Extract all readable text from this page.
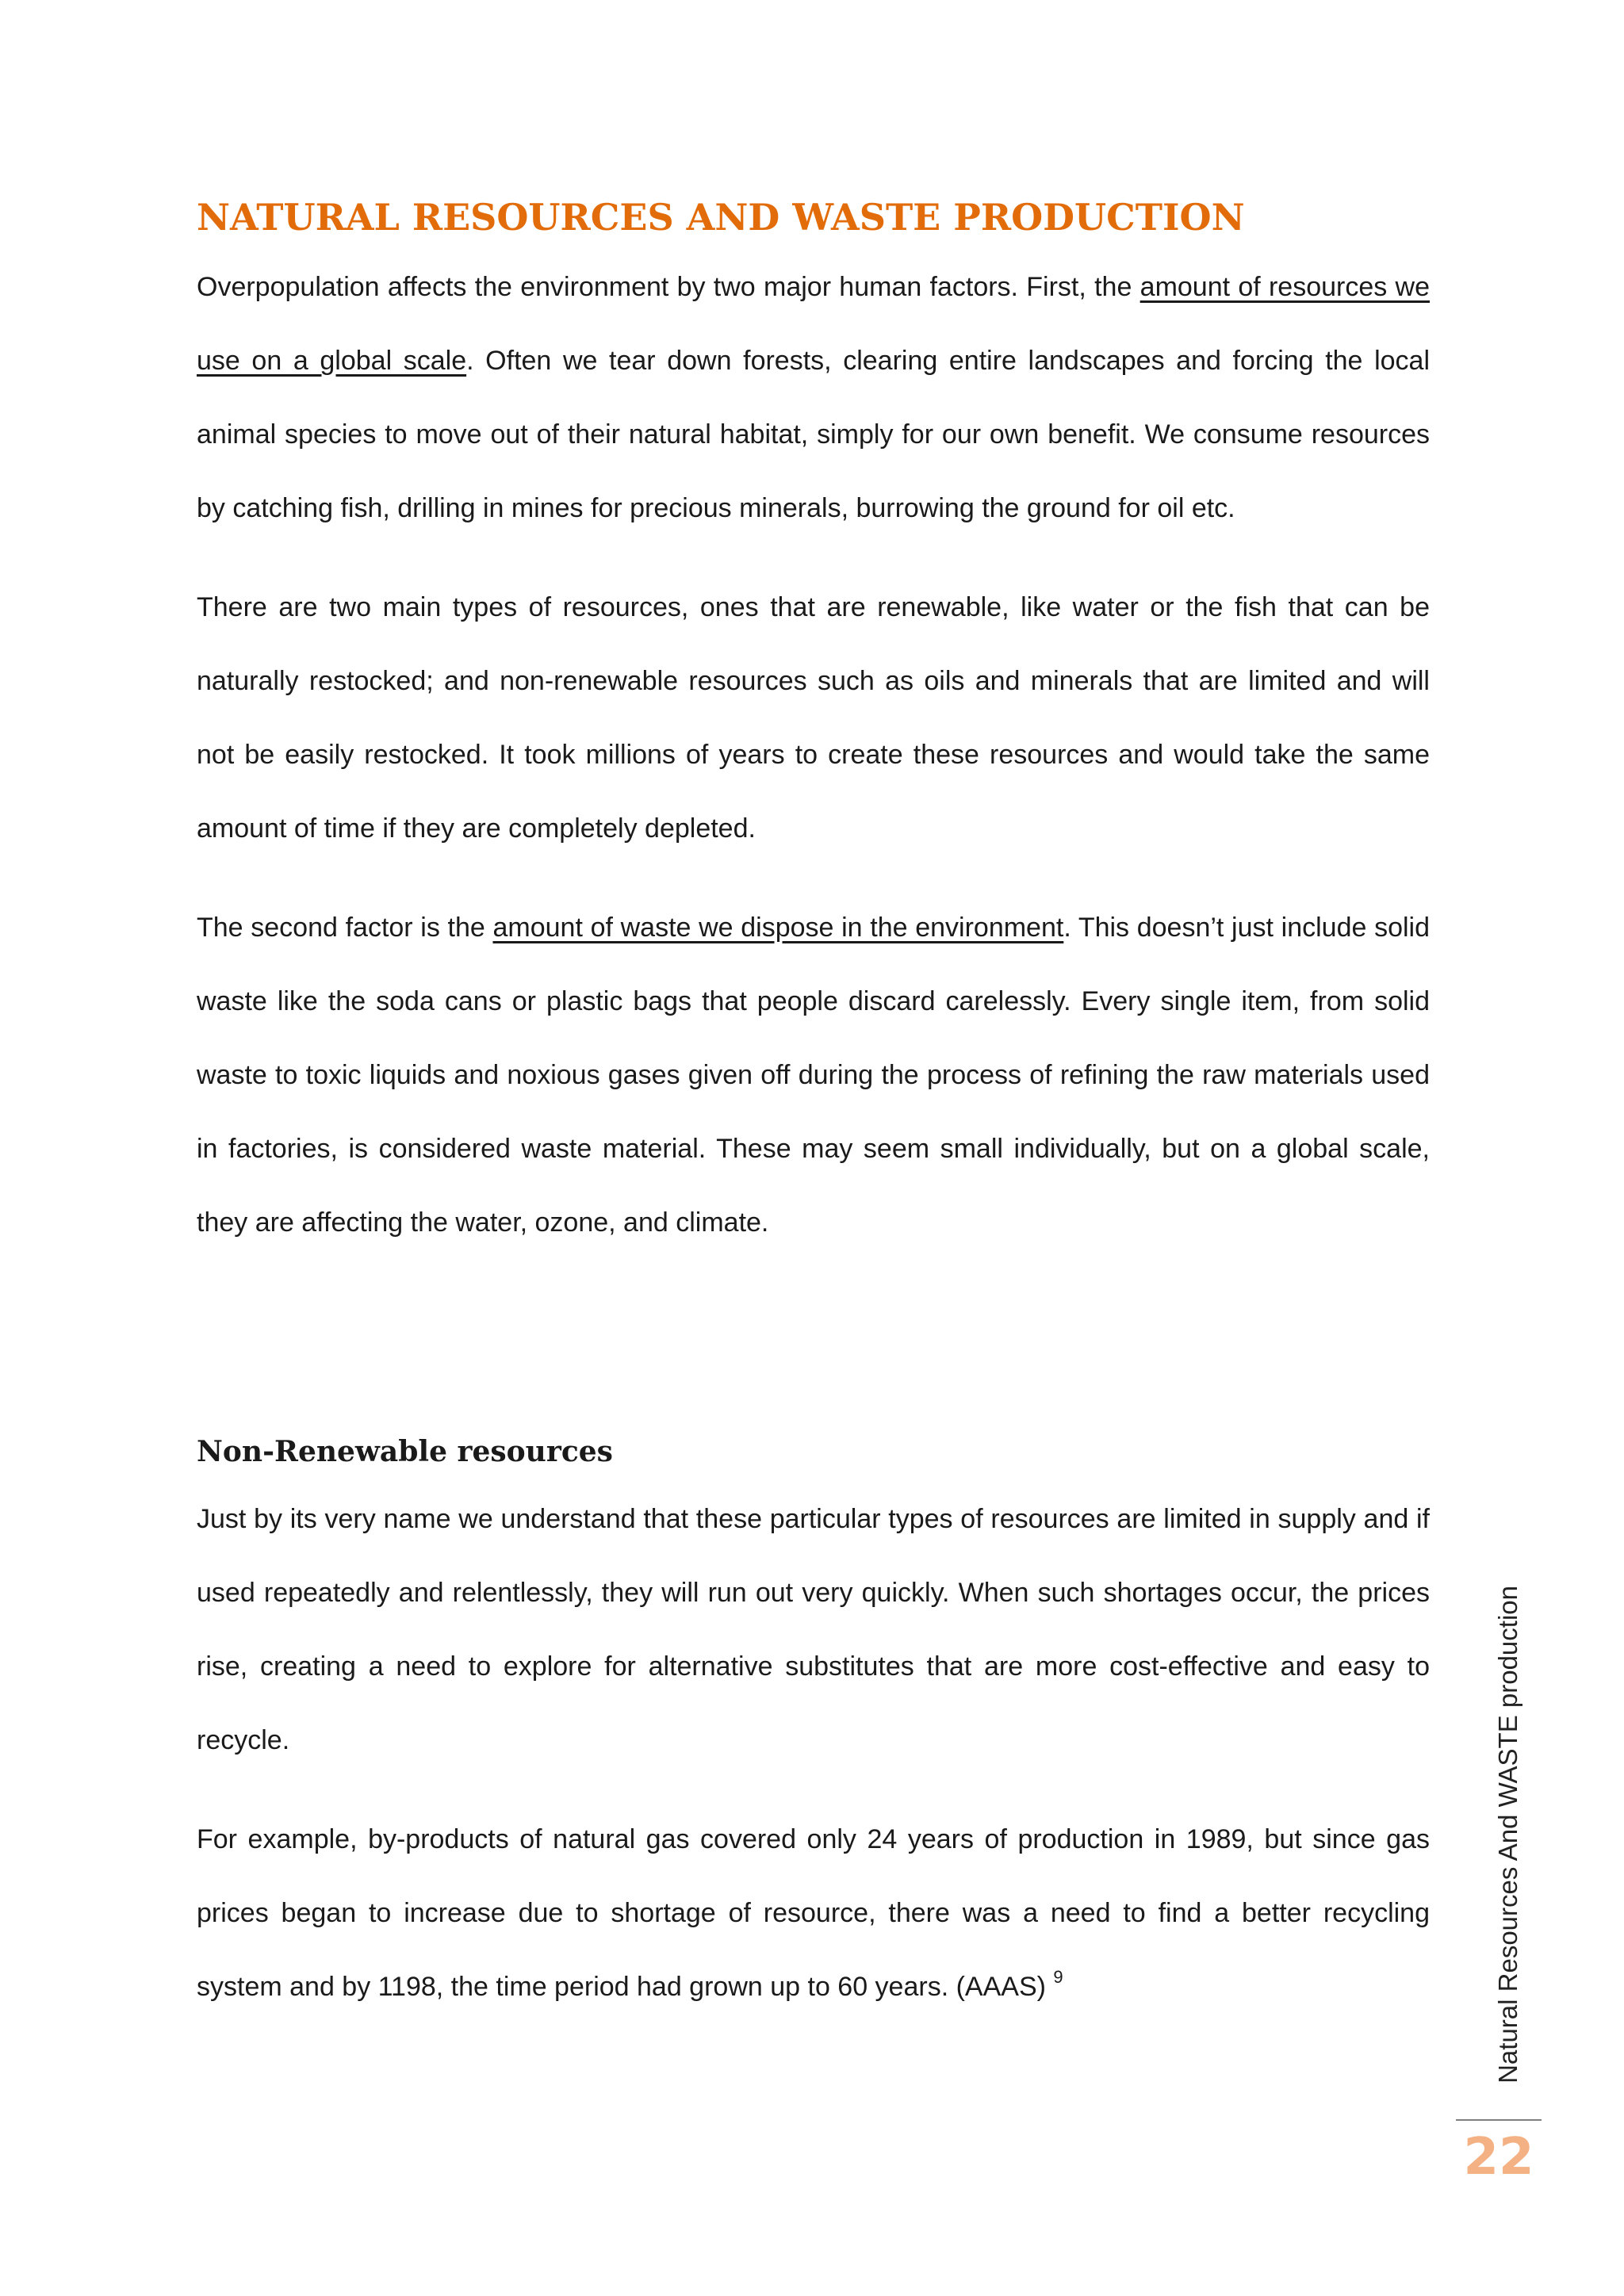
NATURAL RESOURCES AND WASTE PRODUCTION

Overpopulation affects the environment by two major human factors. First, the amount of resources we use on a global scale. Often we tear down forests, clearing entire landscapes and forcing the local animal species to move out of their natural habitat, simply for our own benefit. We consume resources by catching fish, drilling in mines for precious minerals, burrowing the ground for oil etc.

There are two main types of resources, ones that are renewable, like water or the fish that can be naturally restocked; and non-renewable resources such as oils and minerals that are limited and will not be easily restocked. It took millions of years to create these resources and would take the same amount of time if they are completely depleted.

The second factor is the amount of waste we dispose in the environment. This doesn’t just include solid waste like the soda cans or plastic bags that people discard carelessly. Every single item, from solid waste to toxic liquids and noxious gases given off during the process of refining the raw materials used in factories, is considered waste material. These may seem small individually, but on a global scale, they are affecting the water, ozone, and climate.

Non-Renewable resources

Just by its very name we understand that these particular types of resources are limited in supply and if used repeatedly and relentlessly, they will run out very quickly. When such shortages occur, the prices rise, creating a need to explore for alternative substitutes that are more cost-effective and easy to recycle.

For example, by-products of natural gas covered only 24 years of production in 1989, but since gas prices began to increase due to shortage of resource, there was a need to find a better recycling system and by 1198, the time period had grown up to 60 years. (AAAS) $^9$	Natural Resources And WASTE production
22
